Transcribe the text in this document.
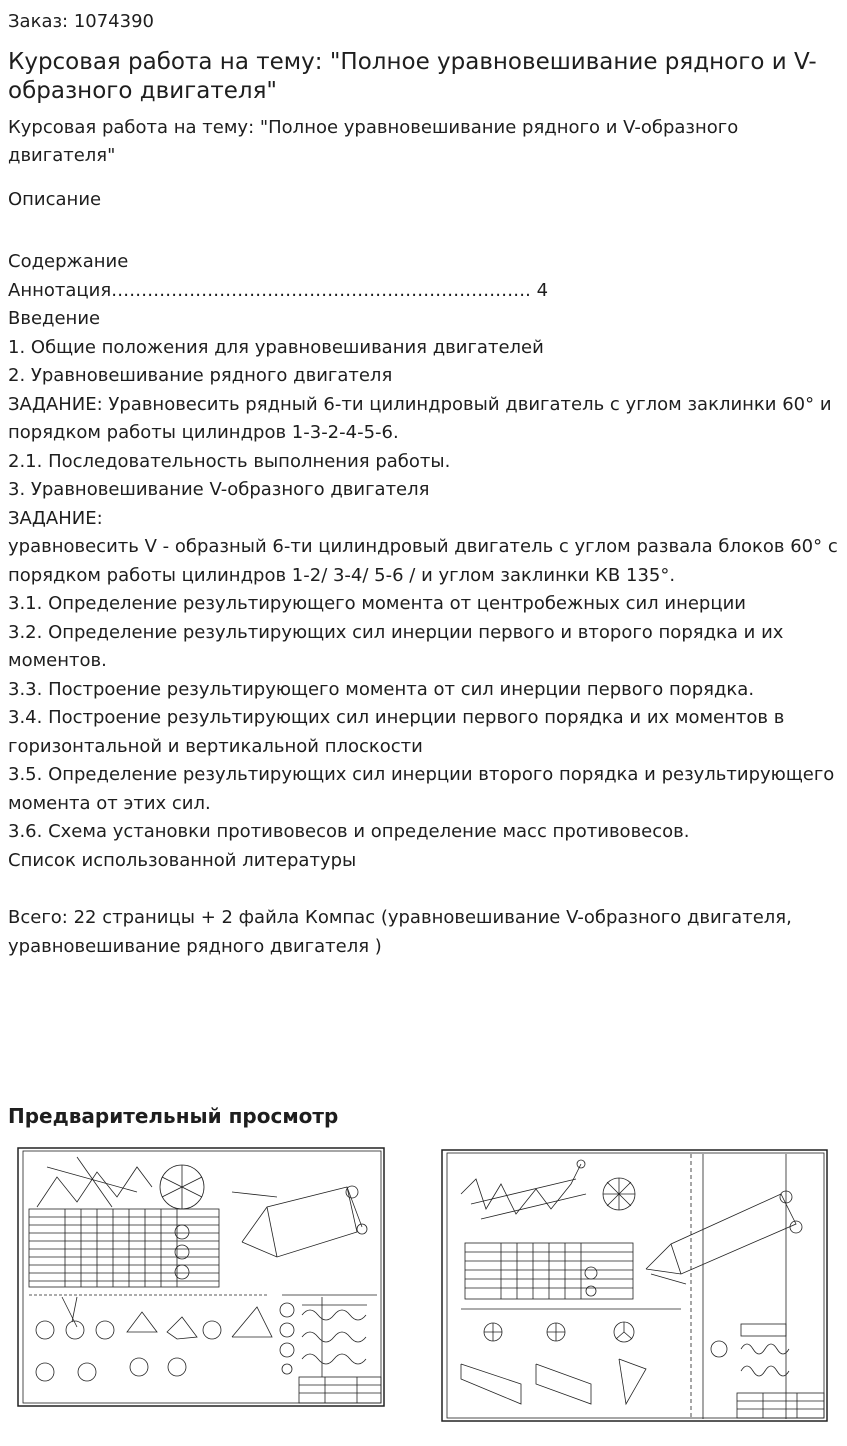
Заказ: 1074390
Курсовая работа на тему: "Полное уравновешивание рядного и V-образного двигателя"
Курсовая работа на тему: "Полное уравновешивание рядного и V-образного двигателя"
Описание
Содержание
Аннотация……………………………………………………………. 4
Введение
1. Общие положения для уравновешивания двигателей
2. Уравновешивание рядного двигателя
ЗАДАНИЕ: Уравновесить рядный 6-ти цилиндровый двигатель с углом заклинки 60° и порядком работы цилиндров 1-3-2-4-5-6.
2.1. Последовательность выполнения работы.
3. Уравновешивание V-образного двигателя
ЗАДАНИЕ:
уравновесить V - образный 6-ти цилиндровый двигатель с углом развала блоков 60° с порядком работы цилиндров 1-2/ 3-4/ 5-6 / и углом заклинки КВ 135°.
3.1. Определение результирующего момента от центробежных сил инерции
3.2. Определение результирующих сил инерции первого и второго порядка и их моментов.
3.3. Построение результирующего момента от сил инерции первого порядка.
3.4. Построение результирующих сил инерции первого порядка и их моментов в горизонтальной и вертикальной плоскости
3.5. Определение результирующих сил инерции второго порядка и результирующего момента от этих сил.
3.6. Схема установки противовесов и определение масс противовесов.
Список использованной литературы
Всего: 22 страницы + 2 файла Компас (уравновешивание V-образного двигателя, уравновешивание рядного двигателя )
Предварительный просмотр
